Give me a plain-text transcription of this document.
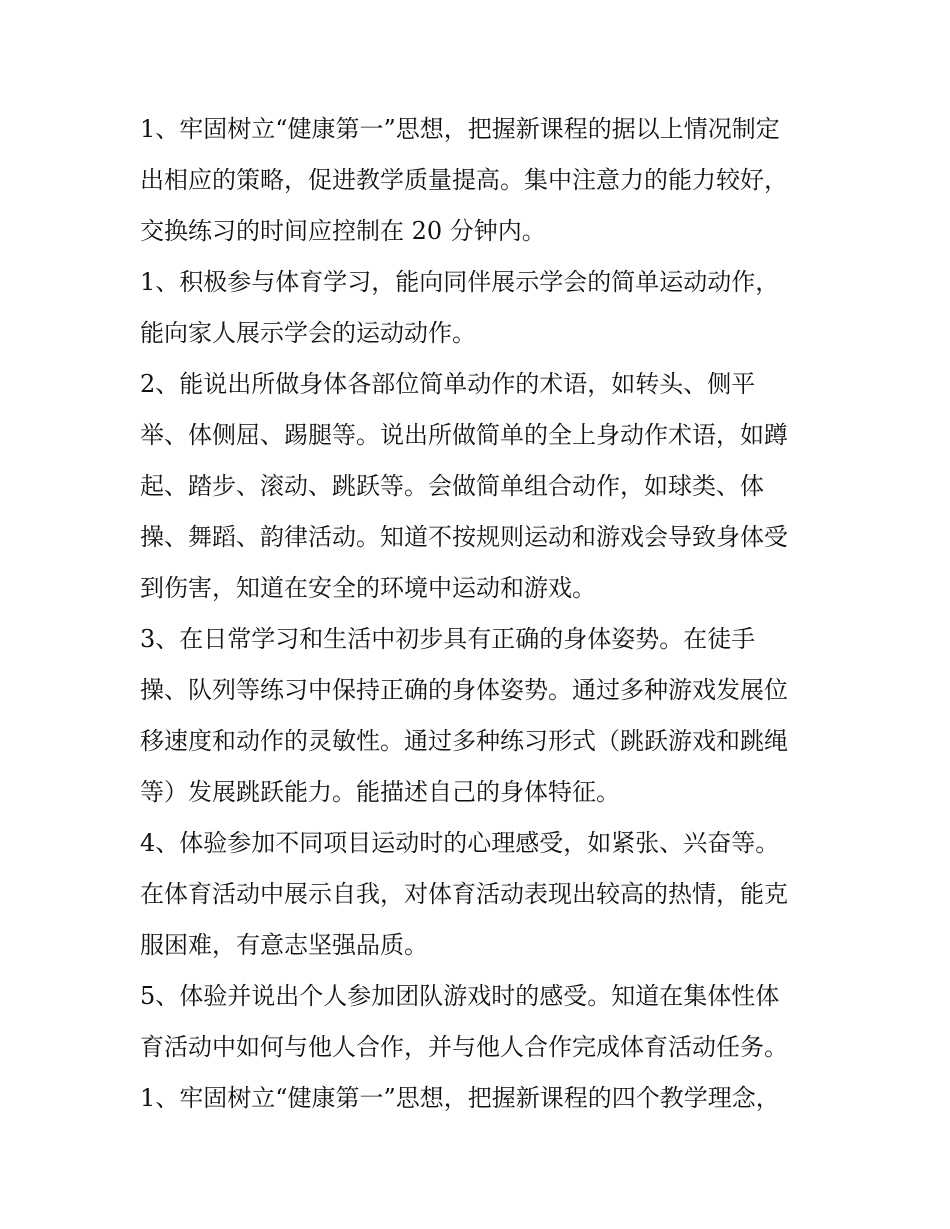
1、牢固树立“健康第一”思想，把握新课程的据以上情况制定
出相应的策略，促进教学质量提高。集中注意力的能力较好，
交换练习的时间应控制在 20 分钟内。

1、积极参与体育学习，能向同伴展示学会的简单运动动作，
能向家人展示学会的运动动作。

2、能说出所做身体各部位简单动作的术语，如转头、侧平
举、体侧屈、踢腿等。说出所做简单的全上身动作术语，如蹲
起、踏步、滚动、跳跃等。会做简单组合动作，如球类、体
操、舞蹈、韵律活动。知道不按规则运动和游戏会导致身体受
到伤害，知道在安全的环境中运动和游戏。

3、在日常学习和生活中初步具有正确的身体姿势。在徒手
操、队列等练习中保持正确的身体姿势。通过多种游戏发展位
移速度和动作的灵敏性。通过多种练习形式（跳跃游戏和跳绳
等）发展跳跃能力。能描述自己的身体特征。

4、体验参加不同项目运动时的心理感受，如紧张、兴奋等。
在体育活动中展示自我，对体育活动表现出较高的热情，能克
服困难，有意志坚强品质。

5、体验并说出个人参加团队游戏时的感受。知道在集体性体
育活动中如何与他人合作，并与他人合作完成体育活动任务。

1、牢固树立“健康第一”思想，把握新课程的四个教学理念，
